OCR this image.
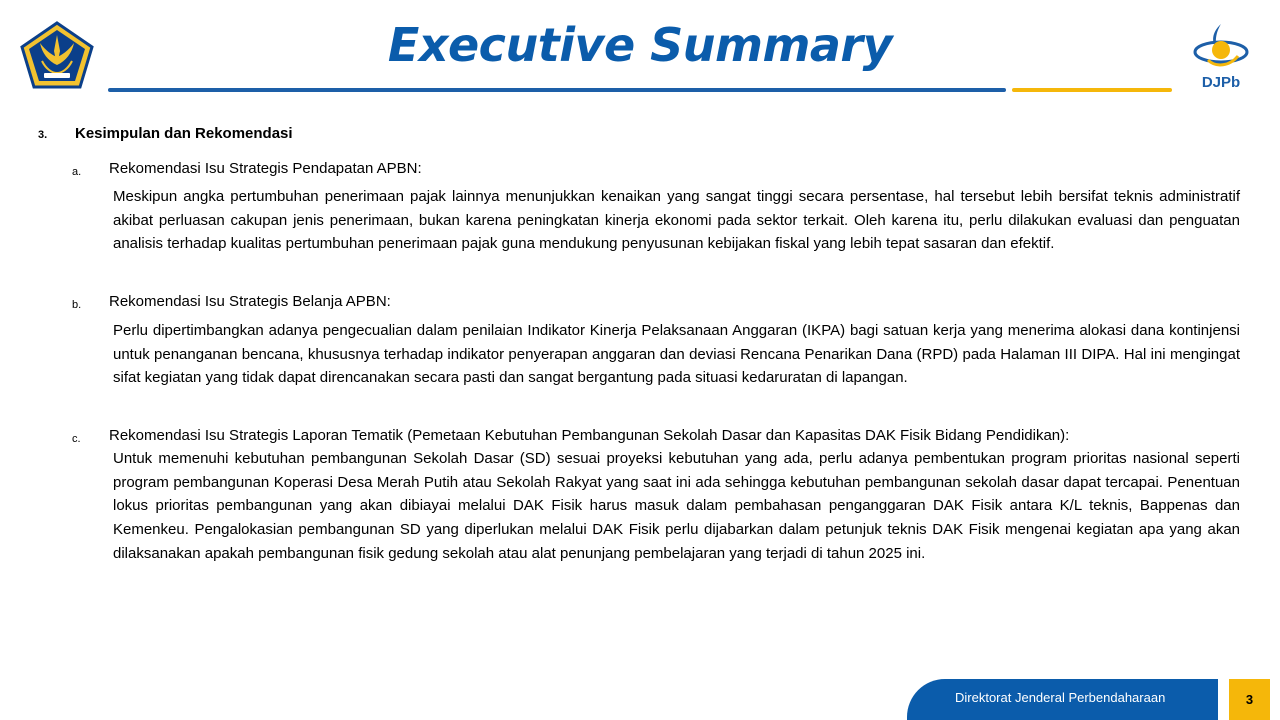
DJPb
Executive Summary
3. Kesimpulan dan Rekomendasi
a. Rekomendasi Isu Strategis Pendapatan APBN:
Meskipun angka pertumbuhan penerimaan pajak lainnya menunjukkan kenaikan yang sangat tinggi secara persentase, hal tersebut lebih bersifat teknis administratif akibat perluasan cakupan jenis penerimaan, bukan karena peningkatan kinerja ekonomi pada sektor terkait. Oleh karena itu, perlu dilakukan evaluasi dan penguatan analisis terhadap kualitas pertumbuhan penerimaan pajak guna mendukung penyusunan kebijakan fiskal yang lebih tepat sasaran dan efektif.
b. Rekomendasi Isu Strategis Belanja APBN:
Perlu dipertimbangkan adanya pengecualian dalam penilaian Indikator Kinerja Pelaksanaan Anggaran (IKPA) bagi satuan kerja yang menerima alokasi dana kontinjensi untuk penanganan bencana, khususnya terhadap indikator penyerapan anggaran dan deviasi Rencana Penarikan Dana (RPD) pada Halaman III DIPA. Hal ini mengingat sifat kegiatan yang tidak dapat direncanakan secara pasti dan sangat bergantung pada situasi kedaruratan di lapangan.
c. Rekomendasi Isu Strategis Laporan Tematik (Pemetaan Kebutuhan Pembangunan Sekolah Dasar dan Kapasitas DAK Fisik Bidang Pendidikan):
Untuk memenuhi kebutuhan pembangunan Sekolah Dasar (SD) sesuai proyeksi kebutuhan yang ada, perlu adanya pembentukan program prioritas nasional seperti program pembangunan Koperasi Desa Merah Putih atau Sekolah Rakyat yang saat ini ada sehingga kebutuhan pembangunan sekolah dasar dapat tercapai. Penentuan lokus prioritas pembangunan yang akan dibiayai melalui DAK Fisik harus masuk dalam pembahasan penganggaran DAK Fisik antara K/L teknis, Bappenas dan Kemenkeu. Pengalokasian pembangunan SD yang diperlukan melalui DAK Fisik perlu dijabarkan dalam petunjuk teknis DAK Fisik mengenai kegiatan apa yang akan dilaksanakan apakah pembangunan fisik gedung sekolah atau alat penunjang pembelajaran yang terjadi di tahun 2025 ini.
Direktorat Jenderal Perbendaharaan	3
